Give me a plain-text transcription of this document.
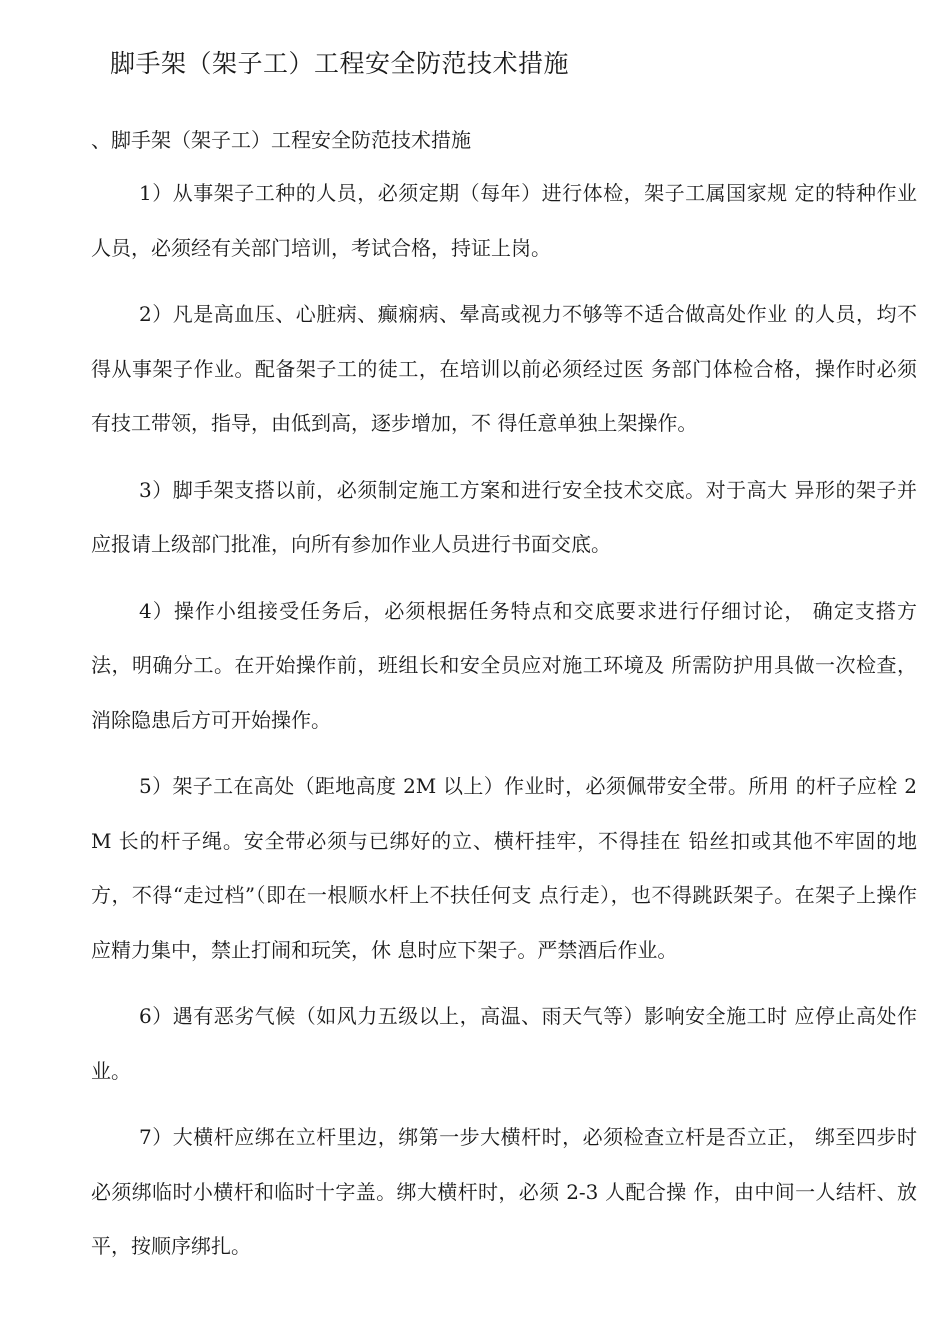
脚手架（架子工）工程安全防范技术措施
、脚手架（架子工）工程安全防范技术措施

1）从事架子工种的人员，必须定期（每年）进行体检，架子工属国家规 定的特种作业人员，必须经有关部门培训，考试合格，持证上岗。

2）凡是高血压、心脏病、癫痫病、晕高或视力不够等不适合做高处作业 的人员，均不得从事架子作业。配备架子工的徒工，在培训以前必须经过医 务部门体检合格，操作时必须有技工带领，指导，由低到高，逐步增加，不 得任意单独上架操作。

3）脚手架支搭以前，必须制定施工方案和进行安全技术交底。对于高大 异形的架子并应报请上级部门批准，向所有参加作业人员进行书面交底。

4）操作小组接受任务后，必须根据任务特点和交底要求进行仔细讨论， 确定支搭方法，明确分工。在开始操作前，班组长和安全员应对施工环境及 所需防护用具做一次检查，消除隐患后方可开始操作。

5）架子工在高处（距地高度 2M 以上）作业时，必须佩带安全带。所用 的杆子应栓 2M 长的杆子绳。安全带必须与已绑好的立、横杆挂牢，不得挂在 铅丝扣或其他不牢固的地方，不得“走过档”（即在一根顺水杆上不扶任何支 点行走），也不得跳跃架子。在架子上操作应精力集中，禁止打闹和玩笑，休 息时应下架子。严禁酒后作业。

6）遇有恶劣气候（如风力五级以上，高温、雨天气等）影响安全施工时 应停止高处作业。

7）大横杆应绑在立杆里边，绑第一步大横杆时，必须检查立杆是否立正， 绑至四步时必须绑临时小横杆和临时十字盖。绑大横杆时，必须 2-3 人配合操 作，由中间一人结杆、放平，按顺序绑扎。
